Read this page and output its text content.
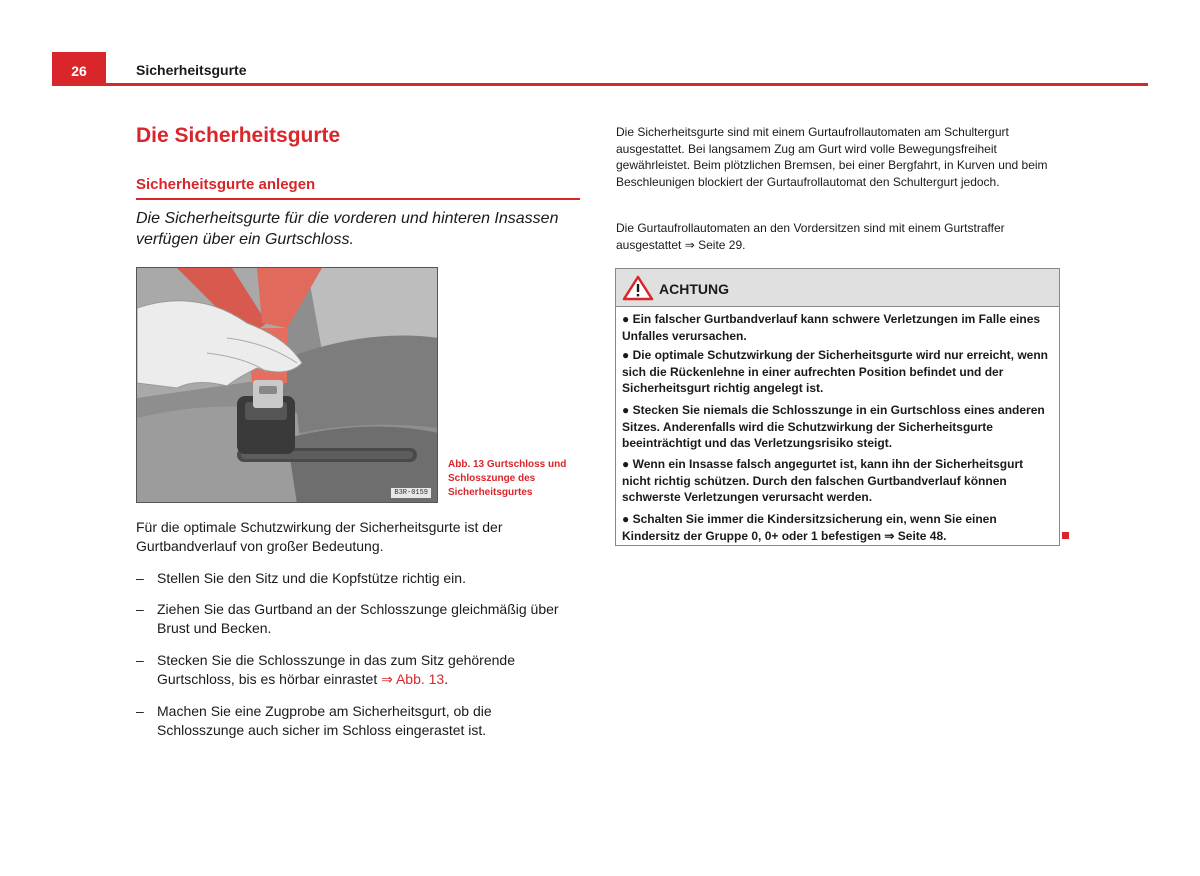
26	Sicherheitsgurte
Die Sicherheitsgurte
Sicherheitsgurte anlegen

Die Sicherheitsgurte für die vorderen und hinteren Insassen verfügen über ein Gurtschloss.

B3R-0159
Abb. 13 Gurtschloss und Schlosszunge des Sicherheitsgurtes

Für die optimale Schutzwirkung der Sicherheitsgurte ist der Gurtbandverlauf von großer Bedeutung.

– Stellen Sie den Sitz und die Kopfstütze richtig ein.
– Ziehen Sie das Gurtband an der Schlosszunge gleichmäßig über Brust und Becken.
– Stecken Sie die Schlosszunge in das zum Sitz gehörende Gurtschloss, bis es hörbar einrastet ⇒ Abb. 13.
– Machen Sie eine Zugprobe am Sicherheitsgurt, ob die Schlosszunge auch sicher im Schloss eingerastet ist.

Die Sicherheitsgurte sind mit einem Gurtaufrollautomaten am Schultergurt ausgestattet. Bei langsamem Zug am Gurt wird volle Bewegungsfreiheit gewährleistet. Beim plötzlichen Bremsen, bei einer Bergfahrt, in Kurven und beim Beschleunigen blockiert der Gurtaufrollautomat den Schultergurt jedoch.

Die Gurtaufrollautomaten an den Vordersitzen sind mit einem Gurtstraffer ausgestattet ⇒ Seite 29.

ACHTUNG
● Ein falscher Gurtbandverlauf kann schwere Verletzungen im Falle eines Unfalles verursachen.
● Die optimale Schutzwirkung der Sicherheitsgurte wird nur erreicht, wenn sich die Rückenlehne in einer aufrechten Position befindet und der Sicherheitsgurt richtig angelegt ist.
● Stecken Sie niemals die Schlosszunge in ein Gurtschloss eines anderen Sitzes. Anderenfalls wird die Schutzwirkung der Sicherheitsgurte beeinträchtigt und das Verletzungsrisiko steigt.
● Wenn ein Insasse falsch angegurtet ist, kann ihn der Sicherheitsgurt nicht richtig schützen. Durch den falschen Gurtbandverlauf können schwerste Verletzungen verursacht werden.
● Schalten Sie immer die Kindersitzsicherung ein, wenn Sie einen Kindersitz der Gruppe 0, 0+ oder 1 befestigen ⇒ Seite 48.
